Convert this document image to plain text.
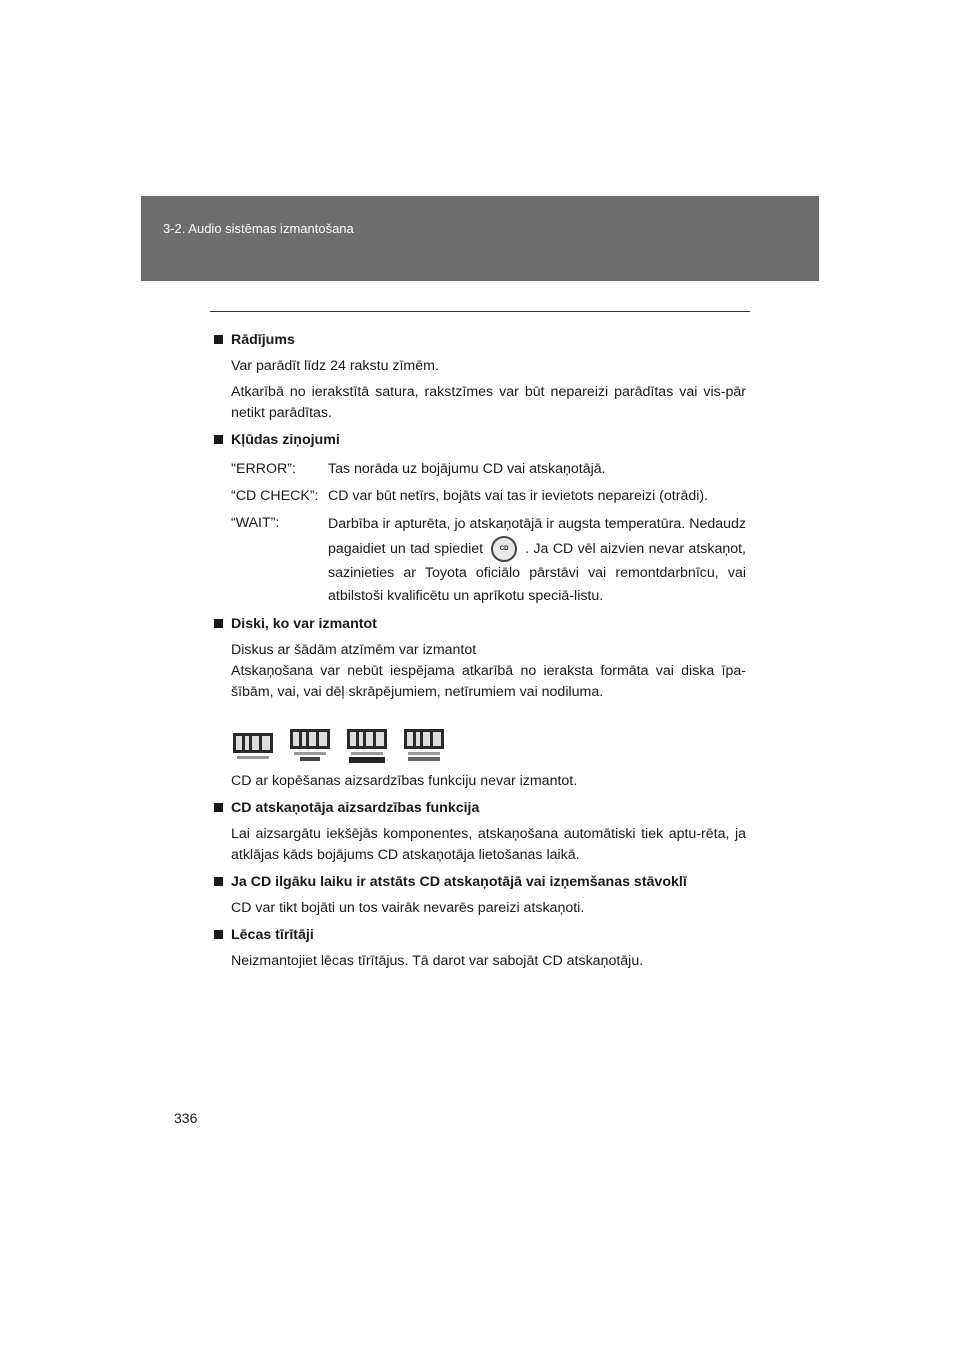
3-2. Audio sistēmas izmantošana
Rādījums
Var parādīt līdz 24 rakstu zīmēm.
Atkarībā no ierakstītā satura, rakstzīmes var būt nepareizi parādītas vai vis-pār netikt parādītas.
Kļūdas ziņojumi
"ERROR”:	Tas norāda uz bojājumu CD vai atskaņotājā.
“CD CHECK”: CD var būt netīrs, bojāts vai tas ir ievietots nepareizi (otrādi).
“WAIT”:	Darbība ir apturēta, jo atskaņotājā ir augsta temperatūra. Nedaudz pagaidiet un tad spiediet	CD . Ja CD vēl aizvien nevar atskaņot, sazinieties ar Toyota oficiālo pārstāvi vai remontdarbnīcu, vai atbilstoši kvalificētu un aprīkotu speciā-listu.
Diski, ko var izmantot
Diskus ar šādām atzīmēm var izmantot
Atskaņošana var nebūt iespējama atkarībā no ieraksta formāta vai diska īpa-šībām, vai, vai dēļ skrāpējumiem, netīrumiem vai nodiluma.
CD ar kopēšanas aizsardzības funkciju nevar izmantot.
CD atskaņotāja aizsardzības funkcija
Lai aizsargātu iekšējās komponentes, atskaņošana automātiski tiek aptu-rēta, ja atklājas kāds bojājums CD atskaņotāja lietošanas laikā.
Ja CD ilgāku laiku ir atstāts CD atskaņotājā vai izņemšanas stāvoklī
CD var tikt bojāti un tos vairāk nevarēs pareizi atskaņoti.
Lēcas tīrītāji
Neizmantojiet lēcas tīrītājus. Tā darot var sabojāt CD atskaņotāju.
336
